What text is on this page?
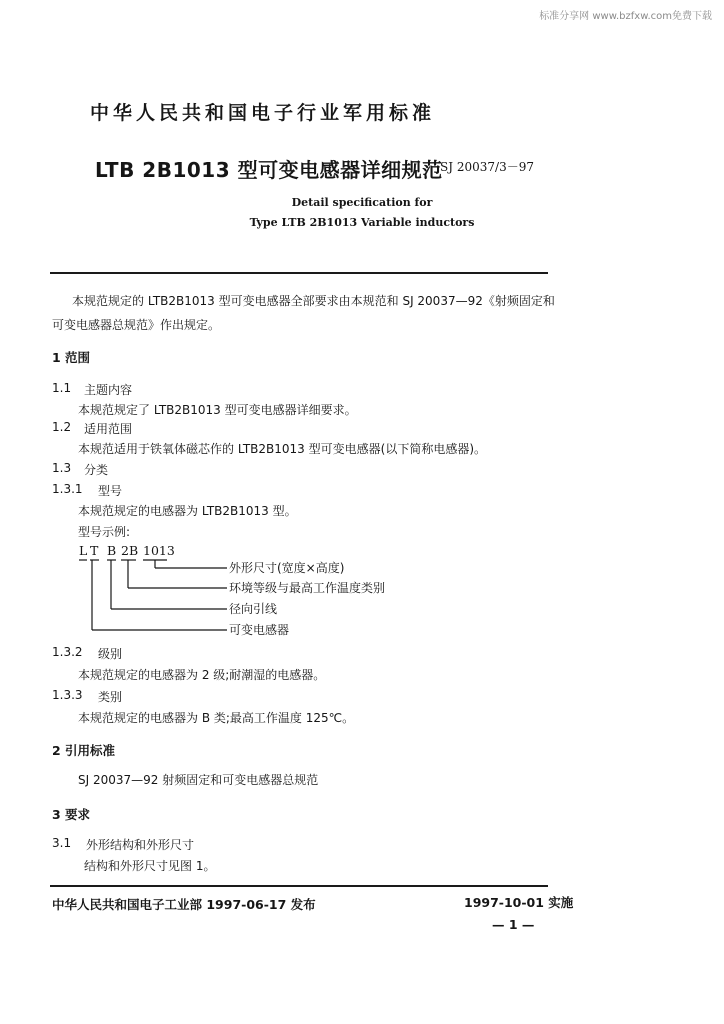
标准分享网 www.bzfxw.com免费下载
中华人民共和国电子行业军用标准
LTB 2B1013 型可变电感器详细规范
SJ 20037/3－97
Detail specification for
Type LTB 2B1013 Variable inductors
本规范规定的 LTB2B1013 型可变电感器全部要求由本规范和 SJ 20037—92《射频固定和
可变电感器总规范》作出规定。
1 范围
1.1 主题内容
本规范规定了 LTB2B1013 型可变电感器详细要求。
1.2 适用范围
本规范适用于铁氧体磁芯作的 LTB2B1013 型可变电感器(以下简称电感器)。
1.3 分类
1.3.1 型号
本规范规定的电感器为 LTB2B1013 型。
型号示例:
L T B 2B 1013
外形尺寸(宽度×高度)
环境等级与最高工作温度类别
径向引线
可变电感器
1.3.2 级别
本规范规定的电感器为 2 级;耐潮湿的电感器。
1.3.3 类别
本规范规定的电感器为 B 类;最高工作温度 125℃。
2 引用标准
SJ 20037—92 射频固定和可变电感器总规范
3 要求
3.1 外形结构和外形尺寸
结构和外形尺寸见图 1。
中华人民共和国电子工业部 1997-06-17 发布	1997-10-01 实施
— 1 —
